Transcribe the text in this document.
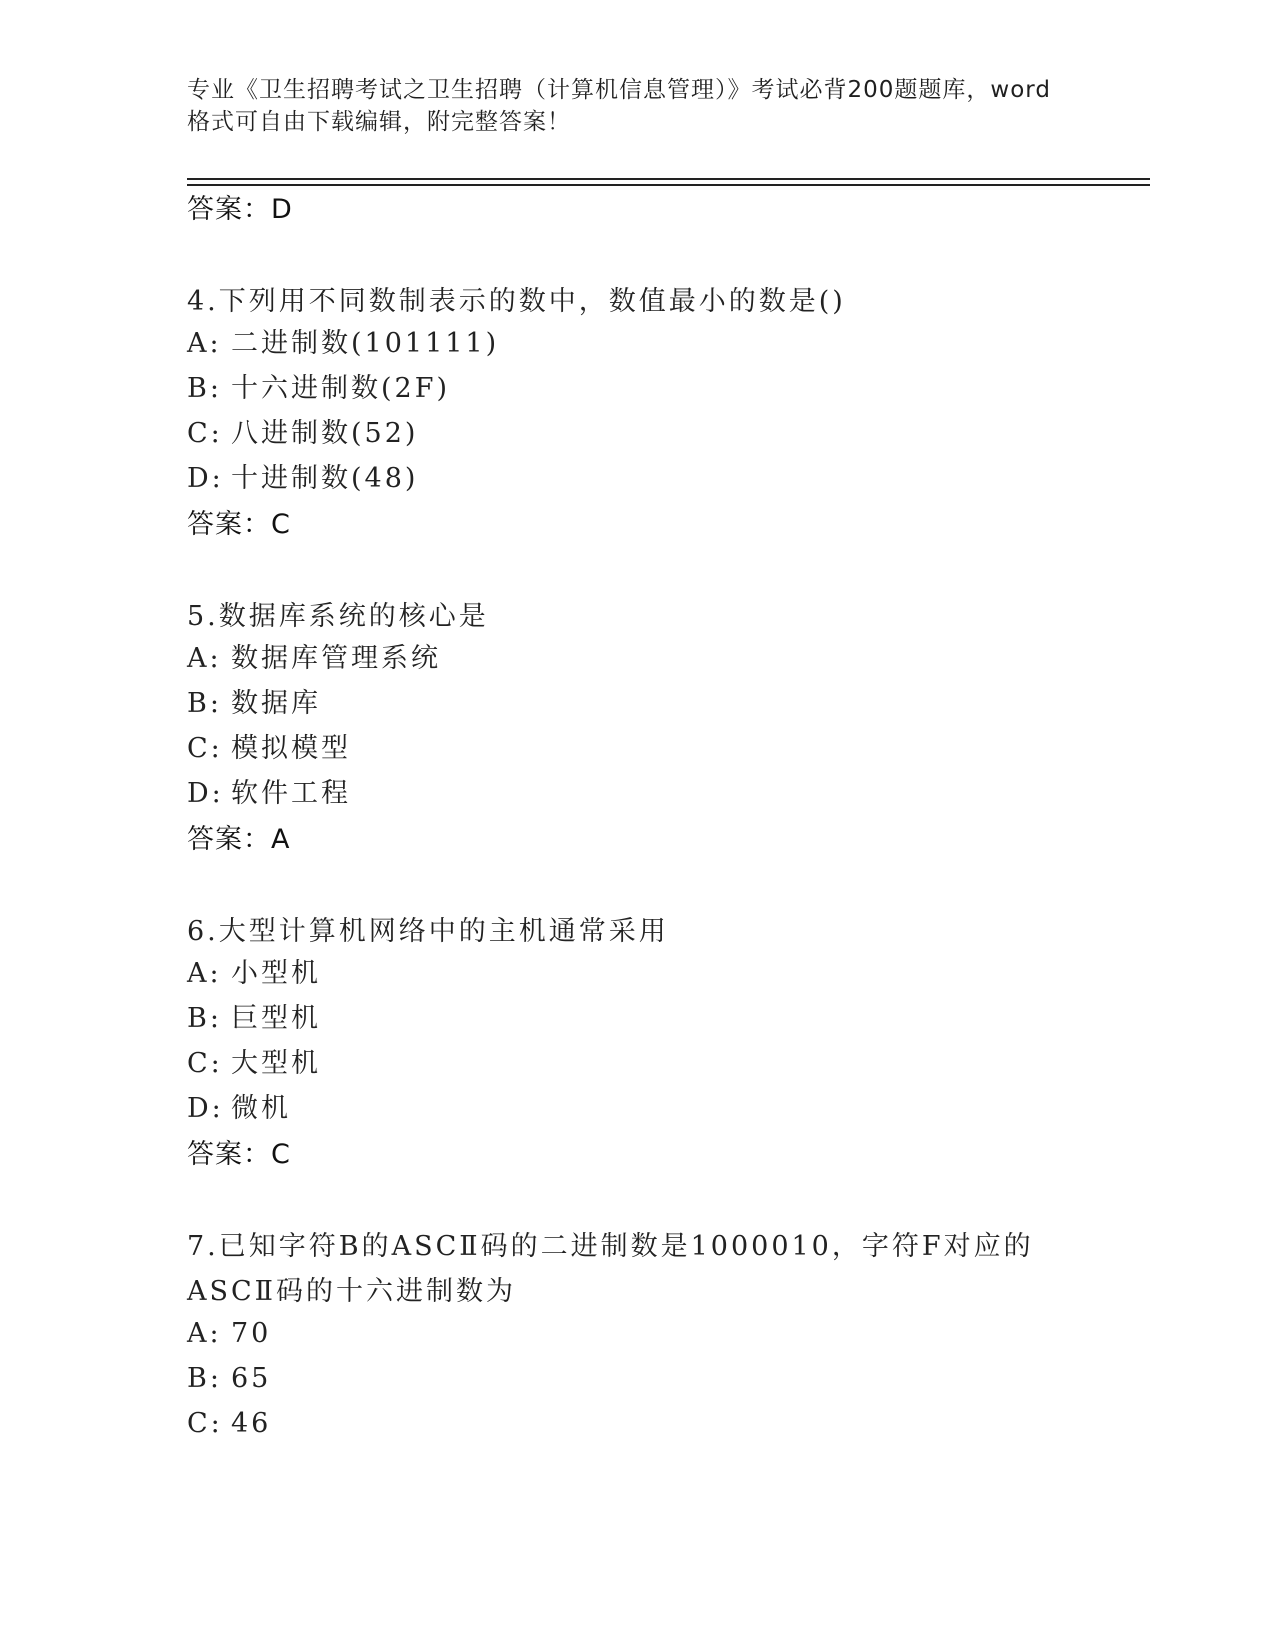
专业《卫生招聘考试之卫生招聘（计算机信息管理）》考试必背200题题库，word
格式可自由下载编辑，附完整答案！
答案：D
4.下列用不同数制表示的数中，数值最小的数是()
A: 二进制数(101111)
B: 十六进制数(2F)
C: 八进制数(52)
D: 十进制数(48)
答案：C
5.数据库系统的核心是
A: 数据库管理系统
B: 数据库
C: 模拟模型
D: 软件工程
答案：A
6.大型计算机网络中的主机通常采用
A: 小型机
B: 巨型机
C: 大型机
D: 微机
答案：C
7.已知字符B的ASCⅡ码的二进制数是1000010，字符F对应的ASCⅡ码的十六进制数为
A: 70
B: 65
C: 46
